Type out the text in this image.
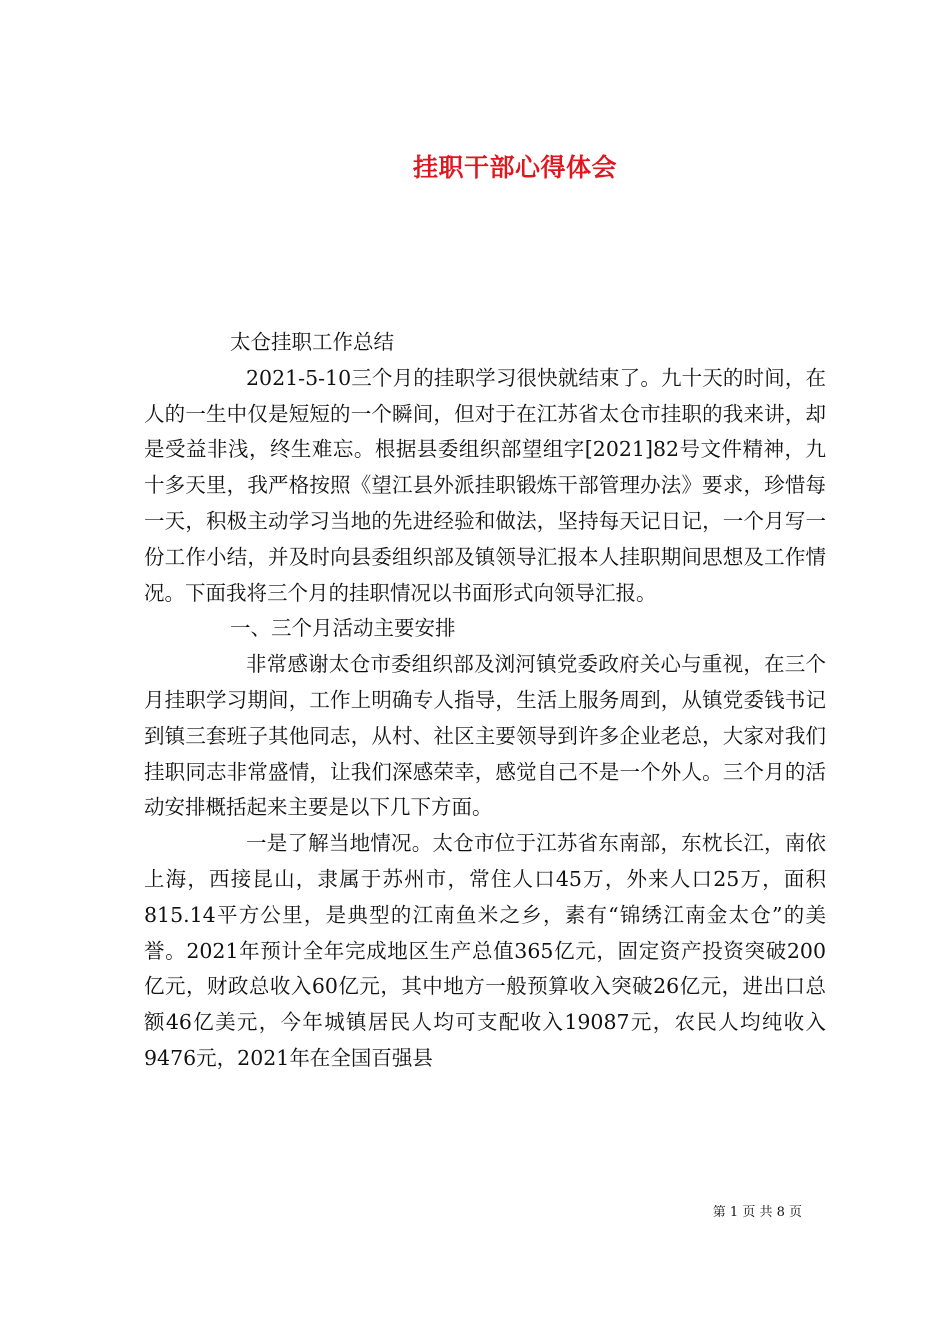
挂职干部心得体会

太仓挂职工作总结

2021-5-10三个月的挂职学习很快就结束了。九十天的时间，在人的一生中仅是短短的一个瞬间，但对于在江苏省太仓市挂职的我来讲，却是受益非浅，终生难忘。根据县委组织部望组字[2021]82号文件精神，九十多天里，我严格按照《望江县外派挂职锻炼干部管理办法》要求，珍惜每一天，积极主动学习当地的先进经验和做法，坚持每天记日记，一个月写一份工作小结，并及时向县委组织部及镇领导汇报本人挂职期间思想及工作情况。下面我将三个月的挂职情况以书面形式向领导汇报。

一、三个月活动主要安排

非常感谢太仓市委组织部及浏河镇党委政府关心与重视，在三个月挂职学习期间，工作上明确专人指导，生活上服务周到，从镇党委钱书记到镇三套班子其他同志，从村、社区主要领导到许多企业老总，大家对我们挂职同志非常盛情，让我们深感荣幸，感觉自己不是一个外人。三个月的活动安排概括起来主要是以下几下方面。

一是了解当地情况。太仓市位于江苏省东南部，东枕长江，南依上海，西接昆山，隶属于苏州市，常住人口45万，外来人口25万，面积815.14平方公里，是典型的江南鱼米之乡，素有“锦绣江南金太仓”的美誉。2021年预计全年完成地区生产总值365亿元，固定资产投资突破200亿元，财政总收入60亿元，其中地方一般预算收入突破26亿元，进出口总额46亿美元，今年城镇居民人均可支配收入19087元，农民人均纯收入9476元，2021年在全国百强县

第 1 页 共 8 页
